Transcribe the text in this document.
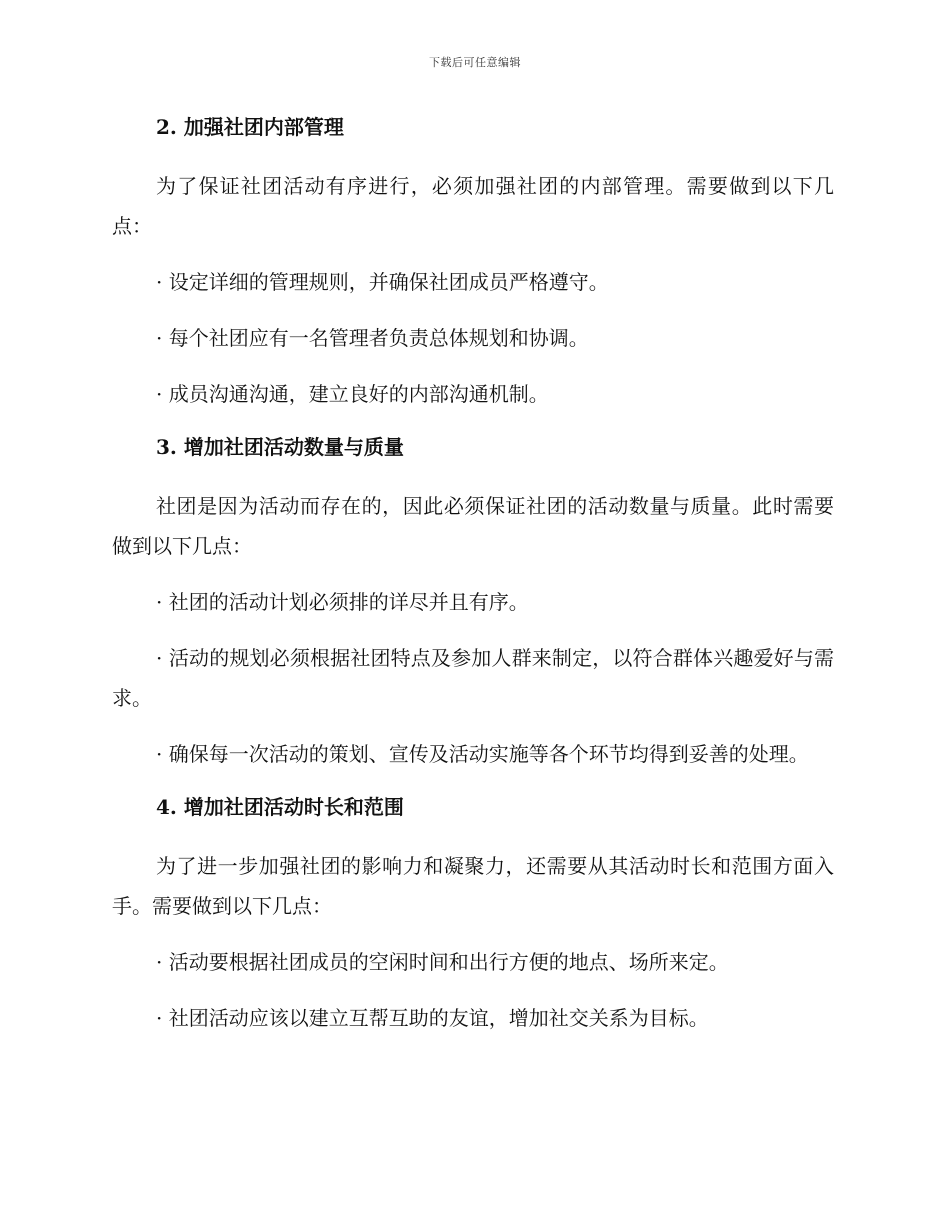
下载后可任意编辑
2. 加强社团内部管理

为了保证社团活动有序进行，必须加强社团的内部管理。需要做到以下几点：

· 设定详细的管理规则，并确保社团成员严格遵守。

· 每个社团应有一名管理者负责总体规划和协调。

· 成员沟通沟通，建立良好的内部沟通机制。

3. 增加社团活动数量与质量

社团是因为活动而存在的，因此必须保证社团的活动数量与质量。此时需要做到以下几点：

· 社团的活动计划必须排的详尽并且有序。

· 活动的规划必须根据社团特点及参加人群来制定，以符合群体兴趣爱好与需求。

· 确保每一次活动的策划、宣传及活动实施等各个环节均得到妥善的处理。

4. 增加社团活动时长和范围

为了进一步加强社团的影响力和凝聚力，还需要从其活动时长和范围方面入手。需要做到以下几点：

· 活动要根据社团成员的空闲时间和出行方便的地点、场所来定。

· 社团活动应该以建立互帮互助的友谊，增加社交关系为目标。
